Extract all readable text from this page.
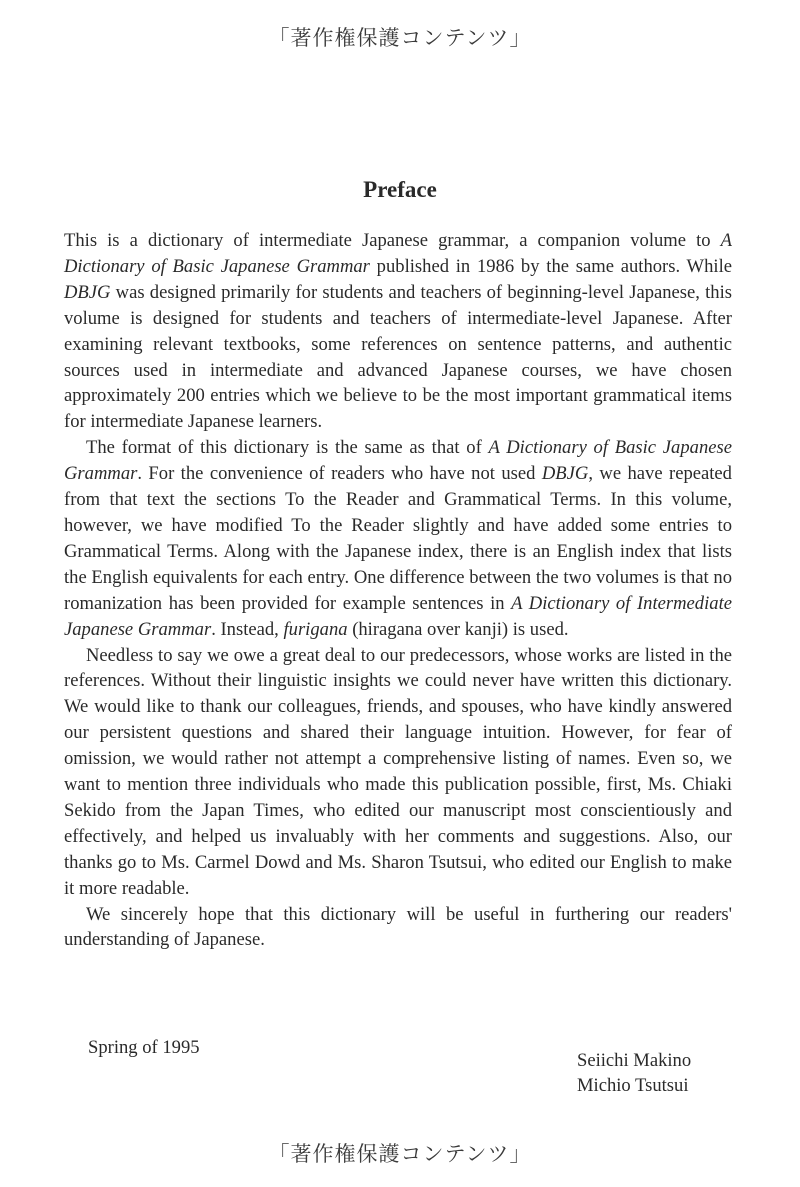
「著作権保護コンテンツ」
Preface

This is a dictionary of intermediate Japanese grammar, a companion volume to A Dictionary of Basic Japanese Grammar published in 1986 by the same authors. While DBJG was designed primarily for students and teachers of beginning-level Japanese, this volume is designed for students and teachers of intermediate-level Japanese. After examining relevant textbooks, some references on sentence patterns, and authentic sources used in intermediate and advanced Japanese courses, we have chosen approximately 200 entries which we believe to be the most important grammatical items for intermediate Japanese learners.

The format of this dictionary is the same as that of A Dictionary of Basic Japanese Grammar. For the convenience of readers who have not used DBJG, we have repeated from that text the sections To the Reader and Grammatical Terms. In this volume, however, we have modified To the Reader slightly and have added some entries to Grammatical Terms. Along with the Japanese index, there is an English index that lists the English equivalents for each entry. One difference between the two volumes is that no romanization has been provided for example sentences in A Dictionary of Intermediate Japanese Grammar. Instead, furigana (hiragana over kanji) is used.

Needless to say we owe a great deal to our predecessors, whose works are listed in the references. Without their linguistic insights we could never have written this dictionary. We would like to thank our colleagues, friends, and spouses, who have kindly answered our persistent questions and shared their language intuition. However, for fear of omission, we would rather not attempt a comprehensive listing of names. Even so, we want to mention three individuals who made this publication possible, first, Ms. Chiaki Sekido from the Japan Times, who edited our manuscript most conscientiously and effectively, and helped us invaluably with her comments and suggestions. Also, our thanks go to Ms. Carmel Dowd and Ms. Sharon Tsutsui, who edited our English to make it more readable.

We sincerely hope that this dictionary will be useful in furthering our readers' understanding of Japanese.

Spring of 1995
Seiichi Makino
Michio Tsutsui
「著作権保護コンテンツ」
